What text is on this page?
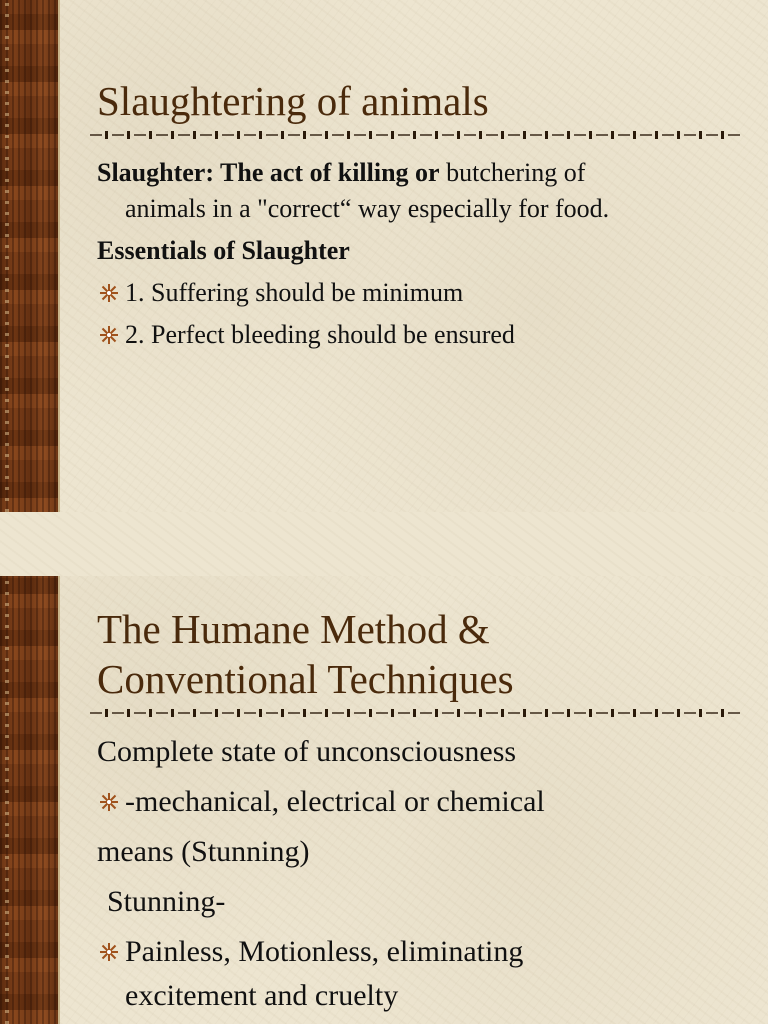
Slaughtering of animals

Slaughter: The act of killing or butchering of

animals in a "correct“ way especially for food.

Essentials of Slaughter

1. Suffering should be minimum

2. Perfect bleeding should be ensured

The Humane Method &
Conventional Techniques

Complete state of unconsciousness

-mechanical, electrical or chemical

means (Stunning)

Stunning-

Painless, Motionless, eliminating
excitement and cruelty
